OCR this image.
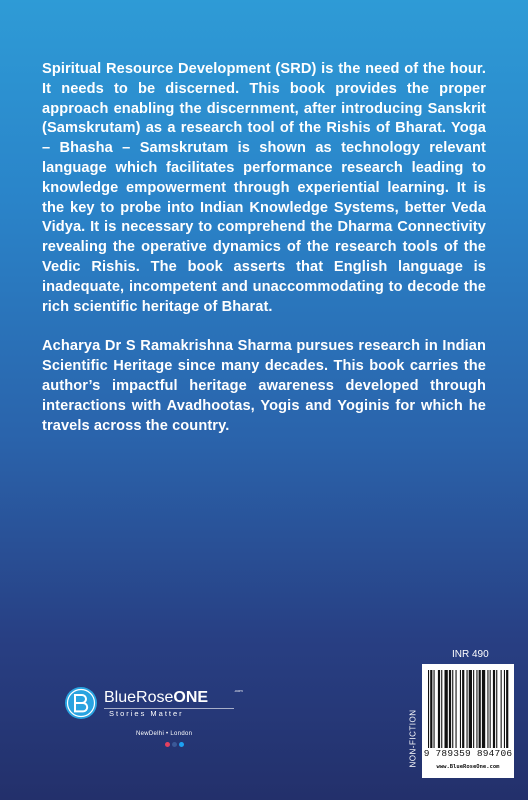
Spiritual Resource Development (SRD) is the need of the hour. It needs to be discerned. This book provides the proper approach enabling the discernment, after introducing Sanskrit (Samskrutam) as a research tool of the Rishis of Bharat. Yoga – Bhasha – Samskrutam is shown as technology relevant language which facilitates performance research leading to knowledge empowerment through experiential learning. It is the key to probe into Indian Knowledge Systems, better Veda Vidya. It is necessary to comprehend the Dharma Connectivity revealing the operative dynamics of the research tools of the Vedic Rishis. The book asserts that English language is inadequate, incompetent and unaccommodating to decode the rich scientific heritage of Bharat.

Acharya Dr S Ramakrishna Sharma pursues research in Indian Scientific Heritage since many decades. This book carries the author’s impactful heritage awareness developed through interactions with Avadhootas, Yogis and Yoginis for which he travels across the country.

INR 490
NON-FICTION 9 789359 894706
www.BlueRoseOne.com
BlueRoseONE	.com
Stories Matter
NewDelhi • London
